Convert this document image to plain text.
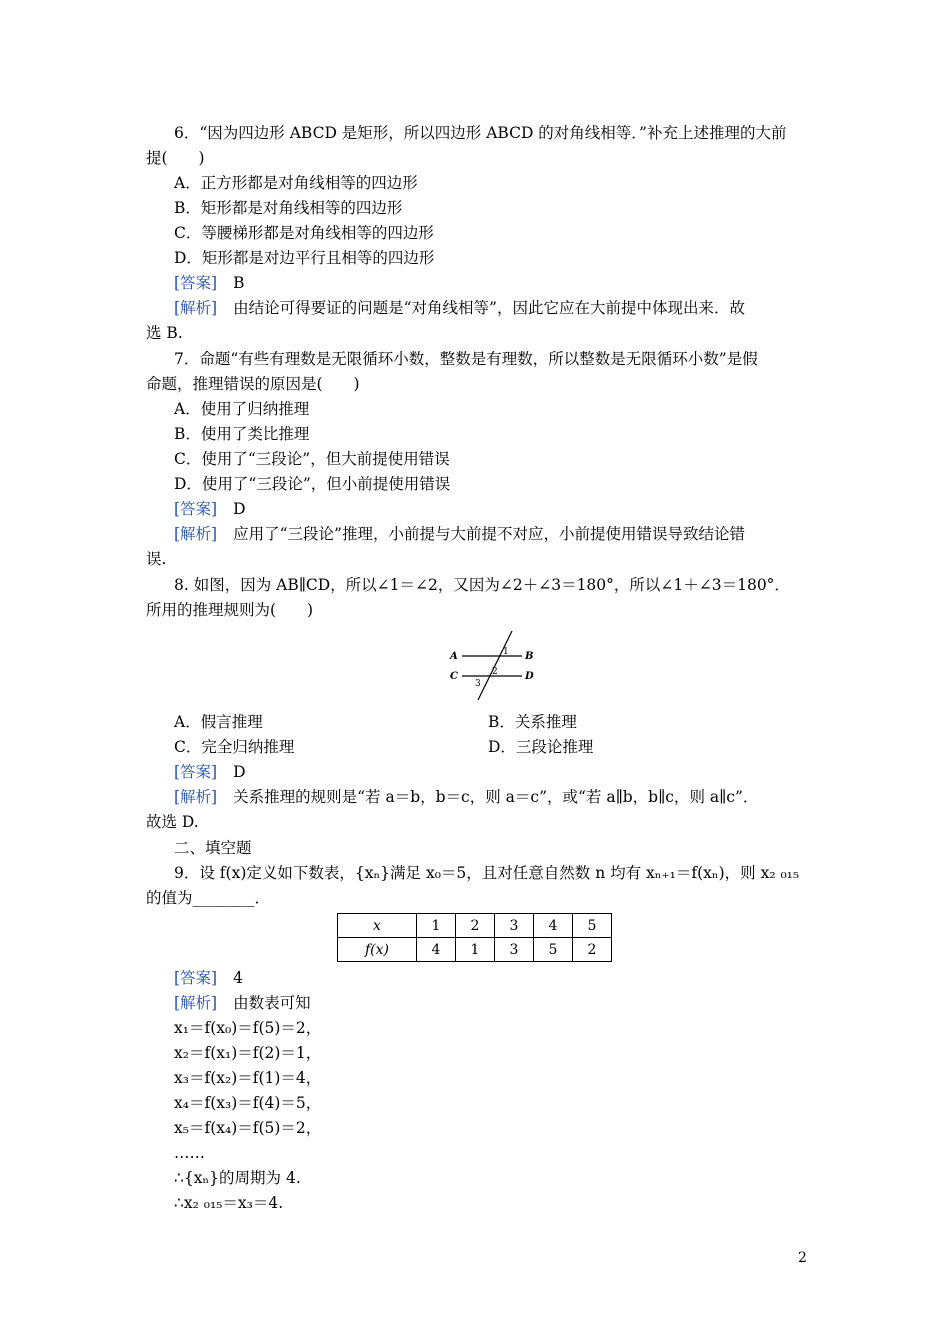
6．“因为四边形 ABCD 是矩形，所以四边形 ABCD 的对角线相等．”补充上述推理的大前
提(　　)
A．正方形都是对角线相等的四边形
B．矩形都是对角线相等的四边形
C．等腰梯形都是对角线相等的四边形
D．矩形都是对边平行且相等的四边形
[答案] B
[解析] 由结论可得要证的问题是“对角线相等”，因此它应在大前提中体现出来．故
选 B.
7．命题“有些有理数是无限循环小数，整数是有理数，所以整数是无限循环小数”是假
命题，推理错误的原因是(　　)
A．使用了归纳推理
B．使用了类比推理
C．使用了“三段论”，但大前提使用错误
D．使用了“三段论”，但小前提使用错误
[答案] D
[解析] 应用了“三段论”推理，小前提与大前提不对应，小前提使用错误导致结论错
误.
8. 如图，因为 AB∥CD，所以∠1＝∠2，又因为∠2＋∠3＝180°，所以∠1＋∠3＝180°．
所用的推理规则为(　　)
A	B
C	D
1
2
3
A．假言推理	B．关系推理
C．完全归纳推理	D．三段论推理
[答案] D
[解析] 关系推理的规则是“若 a＝b，b＝c，则 a＝c”，或“若 a∥b，b∥c，则 a∥c”．
故选 D.
二、填空题
9．设 f(x)定义如下数表，{xₙ}满足 x₀＝5，且对任意自然数 n 均有 xₙ₊₁＝f(xₙ)，则 x₂ ₀₁₅
的值为________．
x	1	2	3	4	5
f(x)	4	1	3	5	2
[答案] 4
[解析] 由数表可知
x₁＝f(x₀)＝f(5)＝2，
x₂＝f(x₁)＝f(2)＝1，
x₃＝f(x₂)＝f(1)＝4，
x₄＝f(x₃)＝f(4)＝5，
x₅＝f(x₄)＝f(5)＝2，
……
∴{xₙ}的周期为 4.
∴x₂ ₀₁₅＝x₃＝4.
2
